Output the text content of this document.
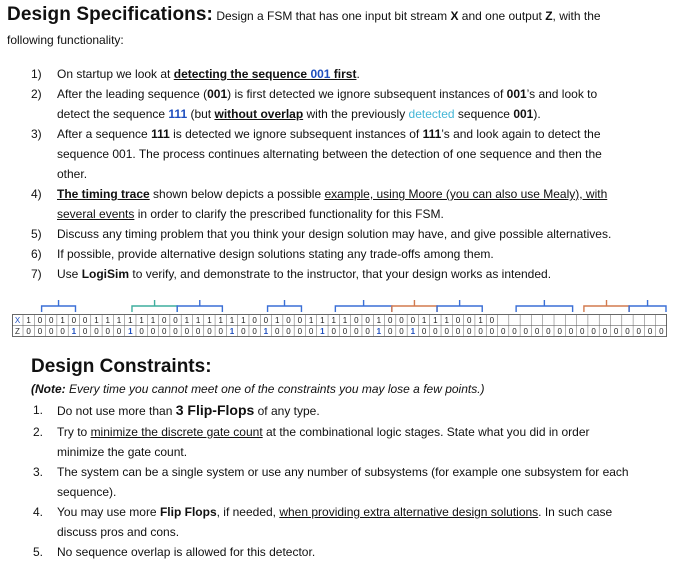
Design Specifications: Design a FSM that has one input bit stream X and one output Z, with the
following functionality:
1) On startup we look at detecting the sequence 001 first.
2) After the leading sequence (001) is first detected we ignore subsequent instances of 001’s and look to
detect the sequence 111 (but without overlap with the previously detected sequence 001).
3) After a sequence 111 is detected we ignore subsequent instances of 111’s and look again to detect the
sequence 001. The process continues alternating between the detection of one sequence and then the
other.
4) The timing trace shown below depicts a possible example, using Moore (you can also use Mealy), with
several events in order to clarify the prescribed functionality for this FSM.
5) Discuss any timing problem that you think your design solution may have, and give possible alternatives.
6) If possible, provide alternative design solutions stating any trade-offs among them.
7) Use LogiSim to verify, and demonstrate to the instructor, that your design works as intended.
X
Z
1
0
0
0
0
0
1
0
0
1
0
0
1
0
1
0
1
0
1
1
1
0
1
0
0
0
0
0
1
0
1
0
1
0
1
0
1
1
1
0
0
0
0
1
1
0
0
0
0
0
1
0
1
1
1
0
1
0
0
0
0
0
1
1
0
0
0
0
0
1
1
0
1
0
1
0
0
0
0
0
1
0
0
0 0 0 0 0 0 0 0 0 0 0 0 0 0 0 0
Design Constraints:
(Note: Every time you cannot meet one of the constraints you may lose a few points.)
1. Do not use more than 3 Flip-Flops of any type.
2. Try to minimize the discrete gate count at the combinational logic stages. State what you did in order
minimize the gate count.
3. The system can be a single system or use any number of subsystems (for example one subsystem for each
sequence).
4. You may use more Flip Flops, if needed, when providing extra alternative design solutions. In such case
discuss pros and cons.
5. No sequence overlap is allowed for this detector.
